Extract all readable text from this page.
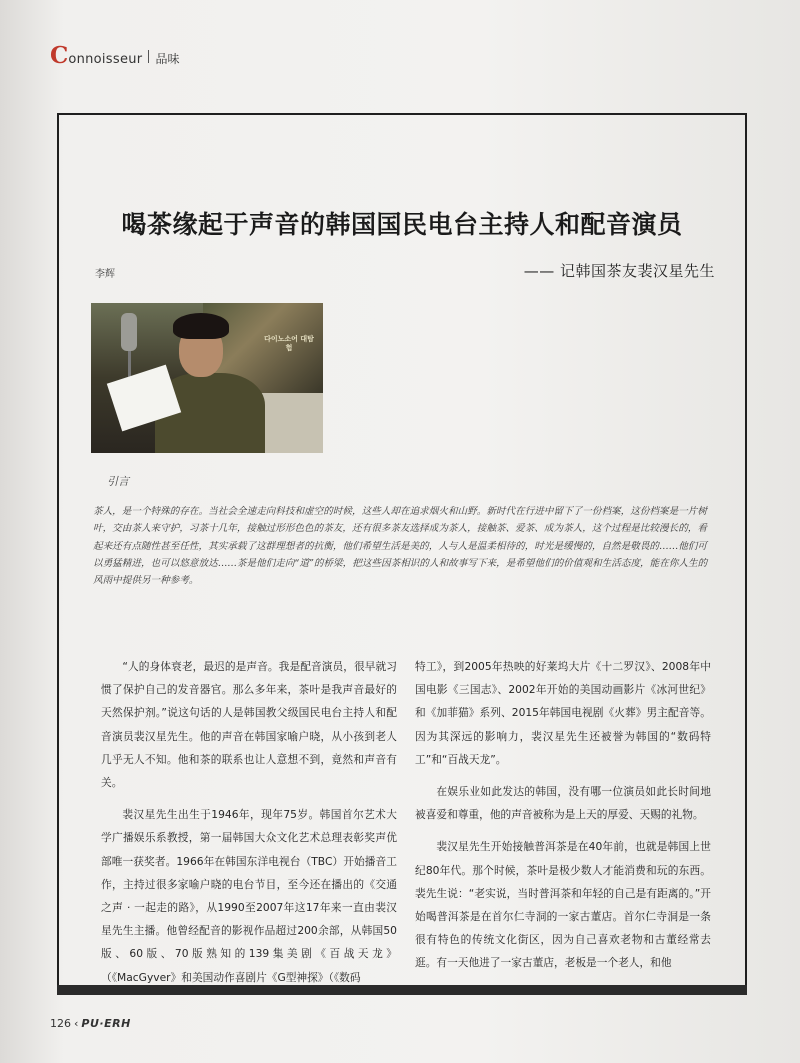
C onnoisseur 品味
喝茶缘起于声音的韩国国民电台主持人和配音演员
李辉	—— 记韩国茶友裴汉星先生
다이노소어 대탐험
引言

茶人，是一个特殊的存在。当社会全速走向科技和虚空的时候，这些人却在追求烟火和山野。新时代在行进中留下了一份档案，这份档案是一片树叶，交由茶人来守护，习茶十几年，接触过形形色色的茶友，还有很多茶友选择成为茶人，接触茶、爱茶、成为茶人，这个过程是比较漫长的，看起来还有点随性甚至任性，其实承载了这群理想者的抗衡，他们希望生活是美的，人与人是温柔相待的，时光是缓慢的，自然是敬畏的……他们可以勇猛精进，也可以悠意放达……茶是他们走向“道”的桥梁，把这些因茶相识的人和故事写下来，是希望他们的价值观和生活态度，能在你人生的风雨中提供另一种参考。

“人的身体衰老，最迟的是声音。我是配音演员，很早就习惯了保护自己的发音器官。那么多年来，茶叶是我声音最好的天然保护剂。”说这句话的人是韩国教父级国民电台主持人和配音演员裴汉星先生。他的声音在韩国家喻户晓，从小孩到老人几乎无人不知。他和茶的联系也让人意想不到，竟然和声音有关。

裴汉星先生出生于1946年，现年75岁。韩国首尔艺术大学广播娱乐系教授，第一届韩国大众文化艺术总理表彰奖声优部唯一获奖者。1966年在韩国东洋电视台（TBC）开始播音工作，主持过很多家喻户晓的电台节目，至今还在播出的《交通之声 · 一起走的路》，从1990至2007年这17年来一直由裴汉星先生主播。他曾经配音的影视作品超过200余部，从韩国50版、60版、70版熟知的139集美剧《百战天龙》（《MacGyver》和美国动作喜剧片《G型神探》（《数码

特工》，到2005年热映的好莱坞大片《十二罗汉》、2008年中国电影《三国志》、2002年开始的美国动画影片《冰河世纪》和《加菲猫》系列、2015年韩国电视剧《火葬》男主配音等。因为其深远的影响力，裴汉星先生还被誉为韩国的“数码特工”和“百战天龙”。

在娱乐业如此发达的韩国，没有哪一位演员如此长时间地被喜爱和尊重，他的声音被称为是上天的厚爱、天赐的礼物。

裴汉星先生开始接触普洱茶是在40年前，也就是韩国上世纪80年代。那个时候，茶叶是极少数人才能消费和玩的东西。裴先生说：“老实说，当时普洱茶和年轻的自己是有距离的。”开始喝普洱茶是在首尔仁寺洞的一家古董店。首尔仁寺洞是一条很有特色的传统文化街区，因为自己喜欢老物和古董经常去逛。有一天他进了一家古董店，老板是一个老人，和他

126 ‹ PU·ERH
